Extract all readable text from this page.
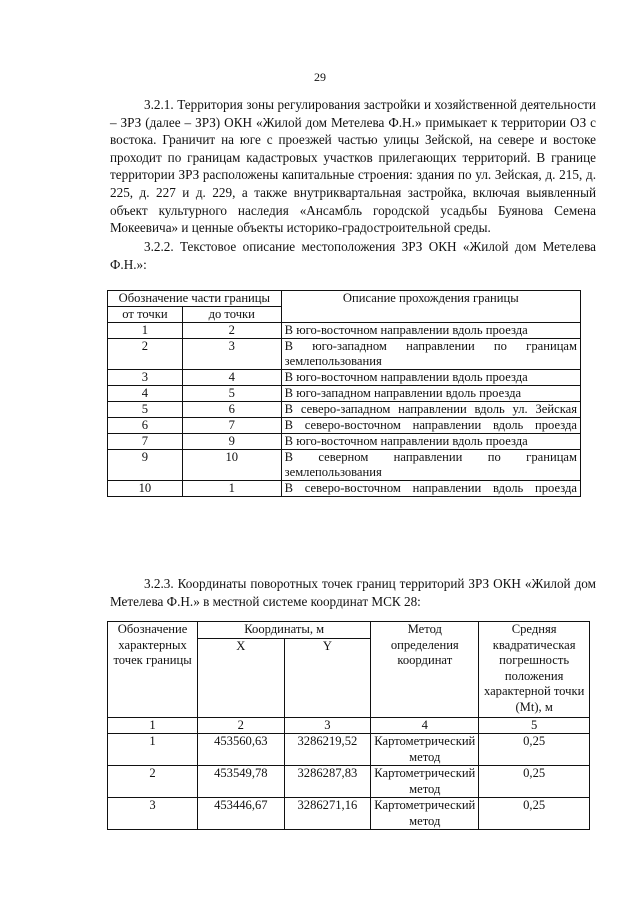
29

3.2.1. Территория зоны регулирования застройки и хозяйственной деятельности – ЗРЗ (далее – ЗРЗ) ОКН «Жилой дом Метелева Ф.Н.» примыкает к территории ОЗ с востока. Граничит на юге с проезжей частью улицы Зейской, на севере и востоке проходит по границам кадастровых участков прилегающих территорий. В границе территории ЗРЗ расположены капитальные строения: здания по ул. Зейская, д. 215, д. 225, д. 227 и д. 229, а также внутриквартальная застройка, включая выявленный объект культурного наследия «Ансамбль городской усадьбы Буянова Семена Мокеевича» и ценные объекты историко-градостроительной среды.

3.2.2. Текстовое описание местоположения ЗРЗ ОКН «Жилой дом Метелева Ф.Н.»:

Обозначение части границы		Описание прохождения границы
от точки	до точки	
1	2	В юго-восточном направлении вдоль проезда
2	3	В юго-западном направлении по границам землепользования
3	4	В юго-восточном направлении вдоль проезда
4	5	В юго-западном направлении вдоль проезда
5	6	В северо-западном направлении вдоль ул. Зейская
6	7	В северо-восточном направлении вдоль проезда
7	9	В юго-восточном направлении вдоль проезда
9	10	В северном направлении по границам землепользования
10	1	В северо-восточном направлении вдоль проезда

3.2.3. Координаты поворотных точек границ территорий ЗРЗ ОКН «Жилой дом Метелева Ф.Н.» в местной системе координат МСК 28:

Обозначение характерных точек границы	Координаты, м		Метод определения координат	Средняя квадратическая погрешность положения характерной точки (Mt), м
	X	Y		
1	2	3	4	5
1	453560,63	3286219,52	Картометрический метод	0,25
2	453549,78	3286287,83	Картометрический метод	0,25
3	453446,67	3286271,16	Картометрический метод	0,25
